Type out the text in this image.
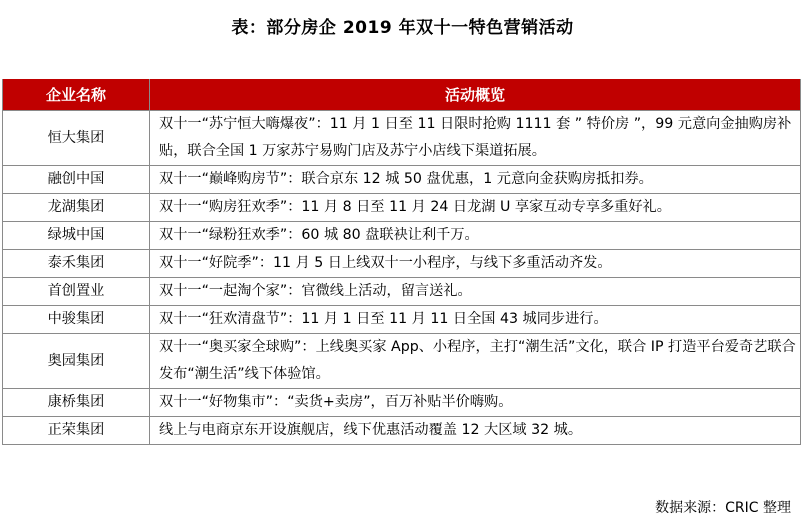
表：部分房企 2019 年双十一特色营销活动
企业名称	活动概览
恒大集团	双十一“苏宁恒大嗨爆夜”：11 月 1 日至 11 日限时抢购 1111 套 ” 特价房 ”，99 元意向金抽购房补贴，联合全国 1 万家苏宁易购门店及苏宁小店线下渠道拓展。
融创中国	双十一“巅峰购房节”：联合京东 12 城 50 盘优惠，1 元意向金获购房抵扣券。
龙湖集团	双十一“购房狂欢季”：11 月 8 日至 11 月 24 日龙湖 U 享家互动专享多重好礼。
绿城中国	双十一“绿粉狂欢季”：60 城 80 盘联袂让利千万。
泰禾集团	双十一“好院季”：11 月 5 日上线双十一小程序，与线下多重活动齐发。
首创置业	双十一“一起淘个家”：官微线上活动，留言送礼。
中骏集团	双十一“狂欢清盘节”：11 月 1 日至 11 月 11 日全国 43 城同步进行。
奥园集团	双十一“奥买家全球购”：上线奥买家 App、小程序，主打“潮生活”文化，联合 IP 打造平台爱奇艺联合发布“潮生活”线下体验馆。
康桥集团	双十一“好物集市”：“卖货+卖房”，百万补贴半价嗨购。
正荣集团	线上与电商京东开设旗舰店，线下优惠活动覆盖 12 大区域 32 城。
数据来源：CRIC 整理
